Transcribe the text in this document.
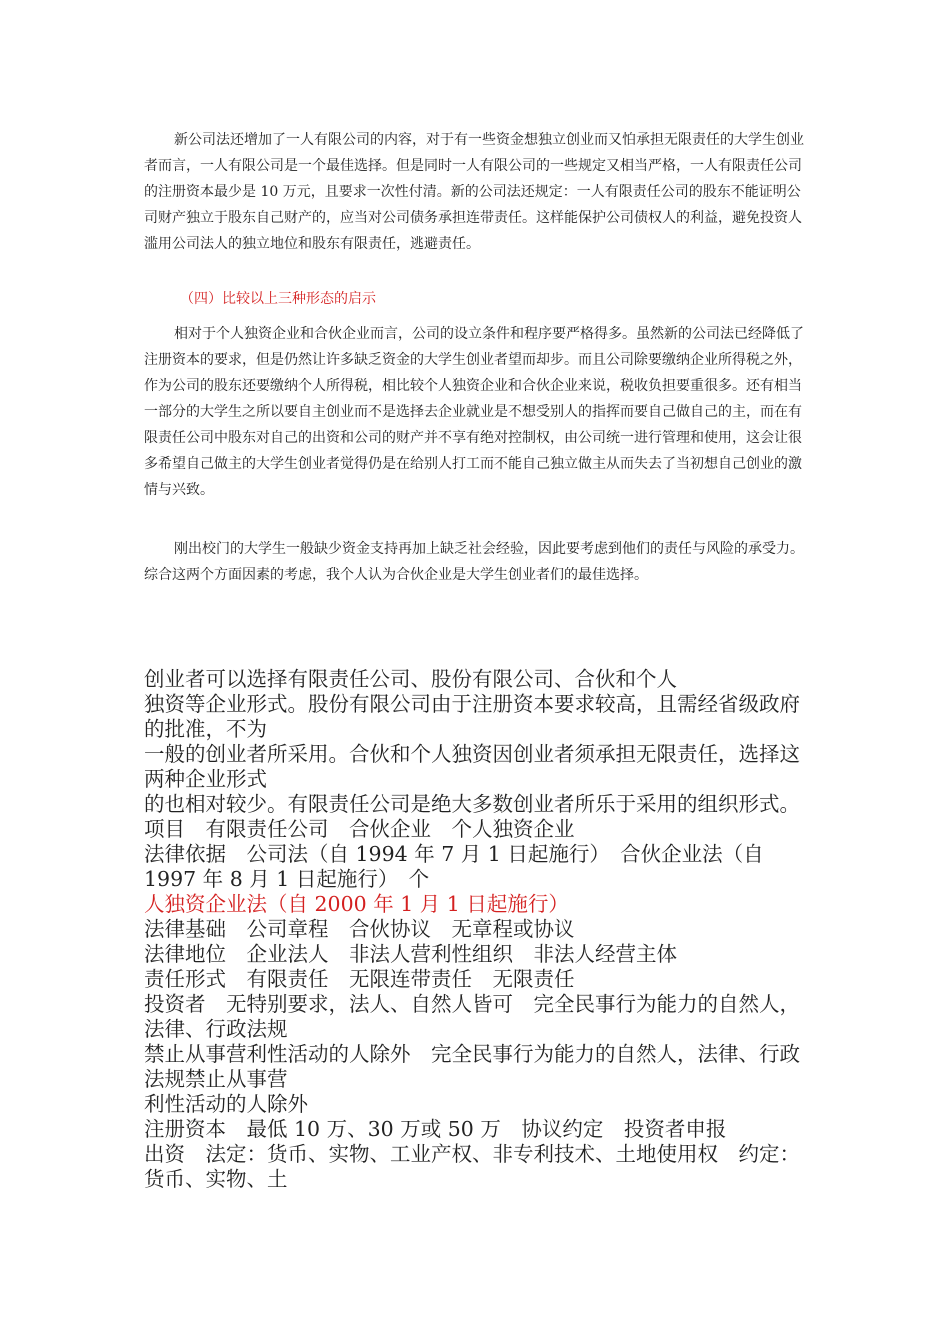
新公司法还增加了一人有限公司的内容，对于有一些资金想独立创业而又怕承担无限责任的大学生创业者而言，一人有限公司是一个最佳选择。但是同时一人有限公司的一些规定又相当严格，一人有限责任公司的注册资本最少是 10 万元，且要求一次性付清。新的公司法还规定：一人有限责任公司的股东不能证明公司财产独立于股东自己财产的，应当对公司债务承担连带责任。这样能保护公司债权人的利益，避免投资人滥用公司法人的独立地位和股东有限责任，逃避责任。

（四）比较以上三种形态的启示

相对于个人独资企业和合伙企业而言，公司的设立条件和程序要严格得多。虽然新的公司法已经降低了注册资本的要求，但是仍然让许多缺乏资金的大学生创业者望而却步。而且公司除要缴纳企业所得税之外，作为公司的股东还要缴纳个人所得税，相比较个人独资企业和合伙企业来说，税收负担要重很多。还有相当一部分的大学生之所以要自主创业而不是选择去企业就业是不想受别人的指挥而要自己做自己的主，而在有限责任公司中股东对自己的出资和公司的财产并不享有绝对控制权，由公司统一进行管理和使用，这会让很多希望自己做主的大学生创业者觉得仍是在给别人打工而不能自己独立做主从而失去了当初想自己创业的激情与兴致。

刚出校门的大学生一般缺少资金支持再加上缺乏社会经验，因此要考虑到他们的责任与风险的承受力。综合这两个方面因素的考虑，我个人认为合伙企业是大学生创业者们的最佳选择。

创业者可以选择有限责任公司、股份有限公司、合伙和个人
独资等企业形式。股份有限公司由于注册资本要求较高，且需经省级政府的批准，不为
一般的创业者所采用。合伙和个人独资因创业者须承担无限责任，选择这两种企业形式
的也相对较少。有限责任公司是绝大多数创业者所乐于采用的组织形式。
项目　有限责任公司　合伙企业　个人独资企业
法律依据　公司法（自 1994 年 7 月 1 日起施行）　合伙企业法（自 1997 年 8 月 1 日起施行）　个
人独资企业法（自 2000 年 1 月 1 日起施行）
法律基础　公司章程　合伙协议　无章程或协议
法律地位　企业法人　非法人营利性组织　非法人经营主体
责任形式　有限责任　无限连带责任　无限责任
投资者　无特别要求，法人、自然人皆可　完全民事行为能力的自然人，法律、行政法规
禁止从事营利性活动的人除外　完全民事行为能力的自然人，法律、行政法规禁止从事营
利性活动的人除外
注册资本　最低 10 万、30 万或 50 万　协议约定　投资者申报
出资　法定：货币、实物、工业产权、非专利技术、土地使用权　约定：货币、实物、土
